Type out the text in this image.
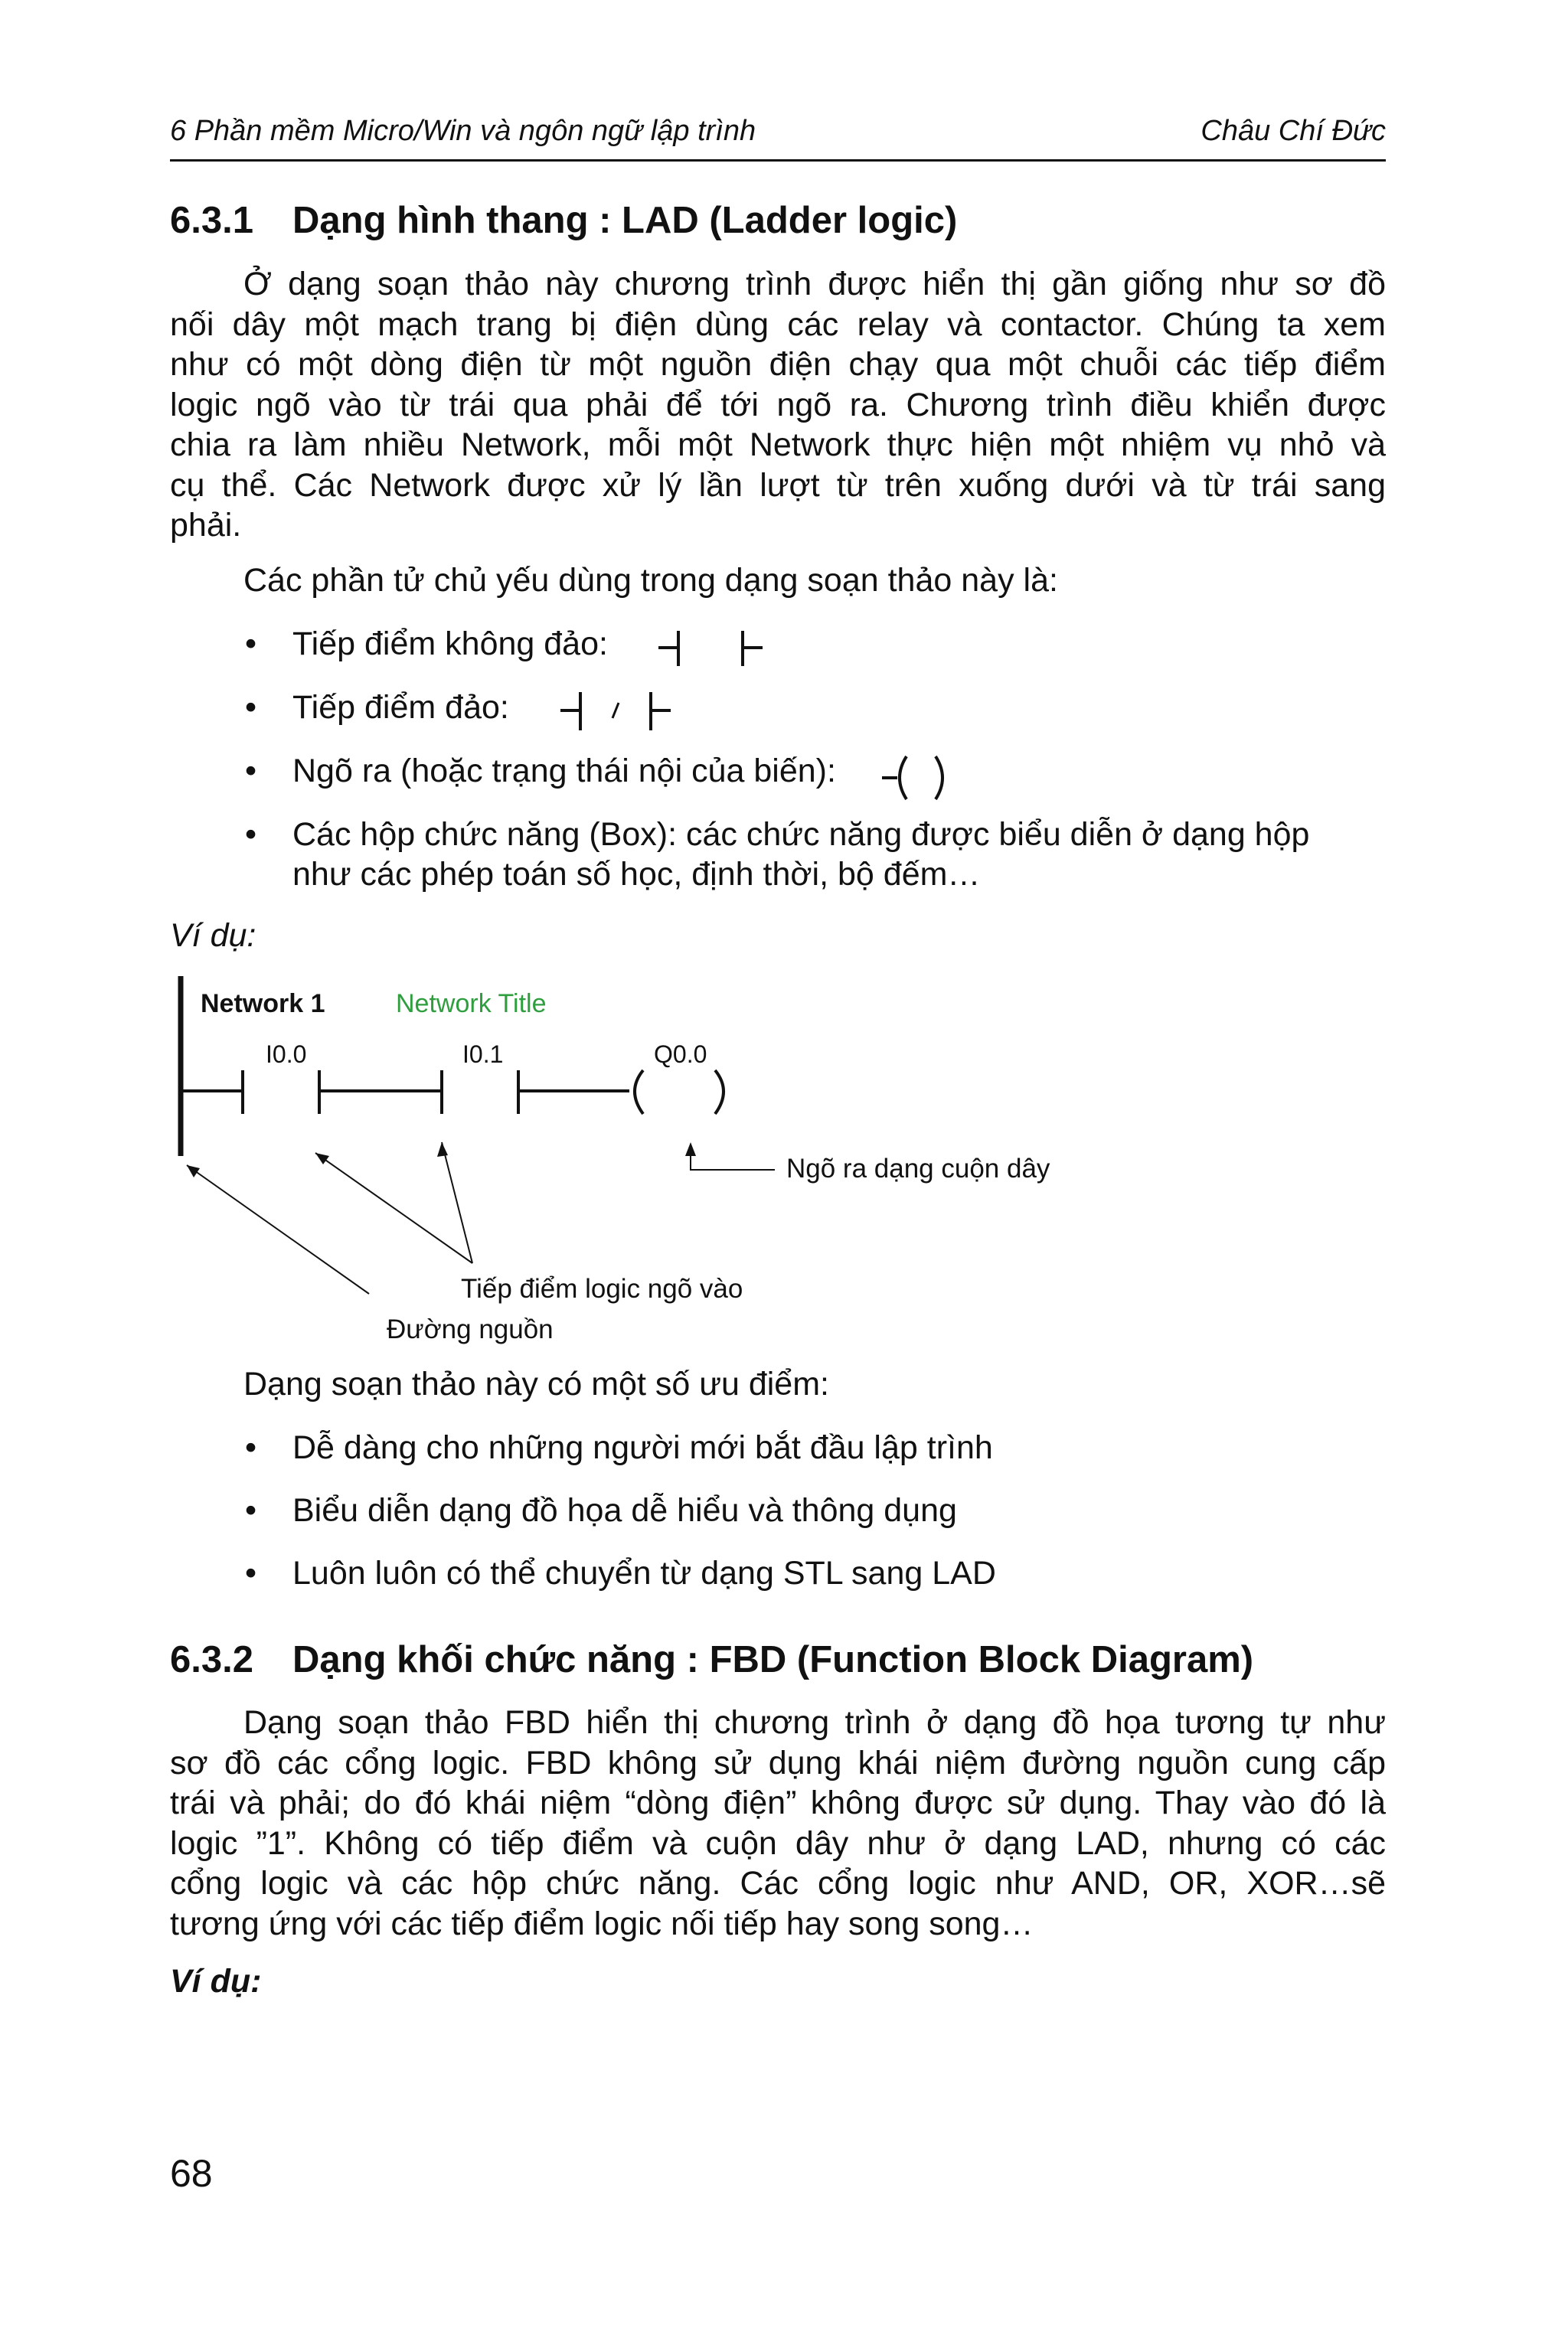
6 Phần mềm Micro/Win và ngôn ngữ lập trình	Châu Chí Đức
6.3.1 Dạng hình thang : LAD (Ladder logic)
Ở dạng soạn thảo này chương trình được hiển thị gần giống như sơ đồ
nối dây một mạch trang bị điện dùng các relay và contactor. Chúng ta xem
như có một dòng điện từ một nguồn điện chạy qua một chuỗi các tiếp điểm
logic ngõ vào từ trái qua phải để tới ngõ ra. Chương trình điều khiển được
chia ra làm nhiều Network, mỗi một Network thực hiện một nhiệm vụ nhỏ và
cụ thể. Các Network được xử lý lần lượt từ trên xuống dưới và từ trái sang
phải.
Các phần tử chủ yếu dùng trong dạng soạn thảo này là:
• Tiếp điểm không đảo:
• Tiếp điểm đảo:
• Ngõ ra (hoặc trạng thái nội của biến):
• Các hộp chức năng (Box): các chức năng được biểu diễn ở dạng hộp
như các phép toán số học, định thời, bộ đếm…
Ví dụ:
Network 1	Network Title
I0.0	I0.1	Q0.0
Ngõ ra dạng cuộn dây
Tiếp điểm logic ngõ vào
Đường nguồn
Dạng soạn thảo này có một số ưu điểm:
• Dễ dàng cho những người mới bắt đầu lập trình
• Biểu diễn dạng đồ họa dễ hiểu và thông dụng
• Luôn luôn có thể chuyển từ dạng STL sang LAD
6.3.2 Dạng khối chức năng : FBD (Function Block Diagram)
Dạng soạn thảo FBD hiển thị chương trình ở dạng đồ họa tương tự như
sơ đồ các cổng logic. FBD không sử dụng khái niệm đường nguồn cung cấp
trái và phải; do đó khái niệm “dòng điện” không được sử dụng. Thay vào đó là
logic ”1”. Không có tiếp điểm và cuộn dây như ở dạng LAD, nhưng có các
cổng logic và các hộp chức năng. Các cổng logic như AND, OR, XOR…sẽ
tương ứng với các tiếp điểm logic nối tiếp hay song song…
Ví dụ:
68
